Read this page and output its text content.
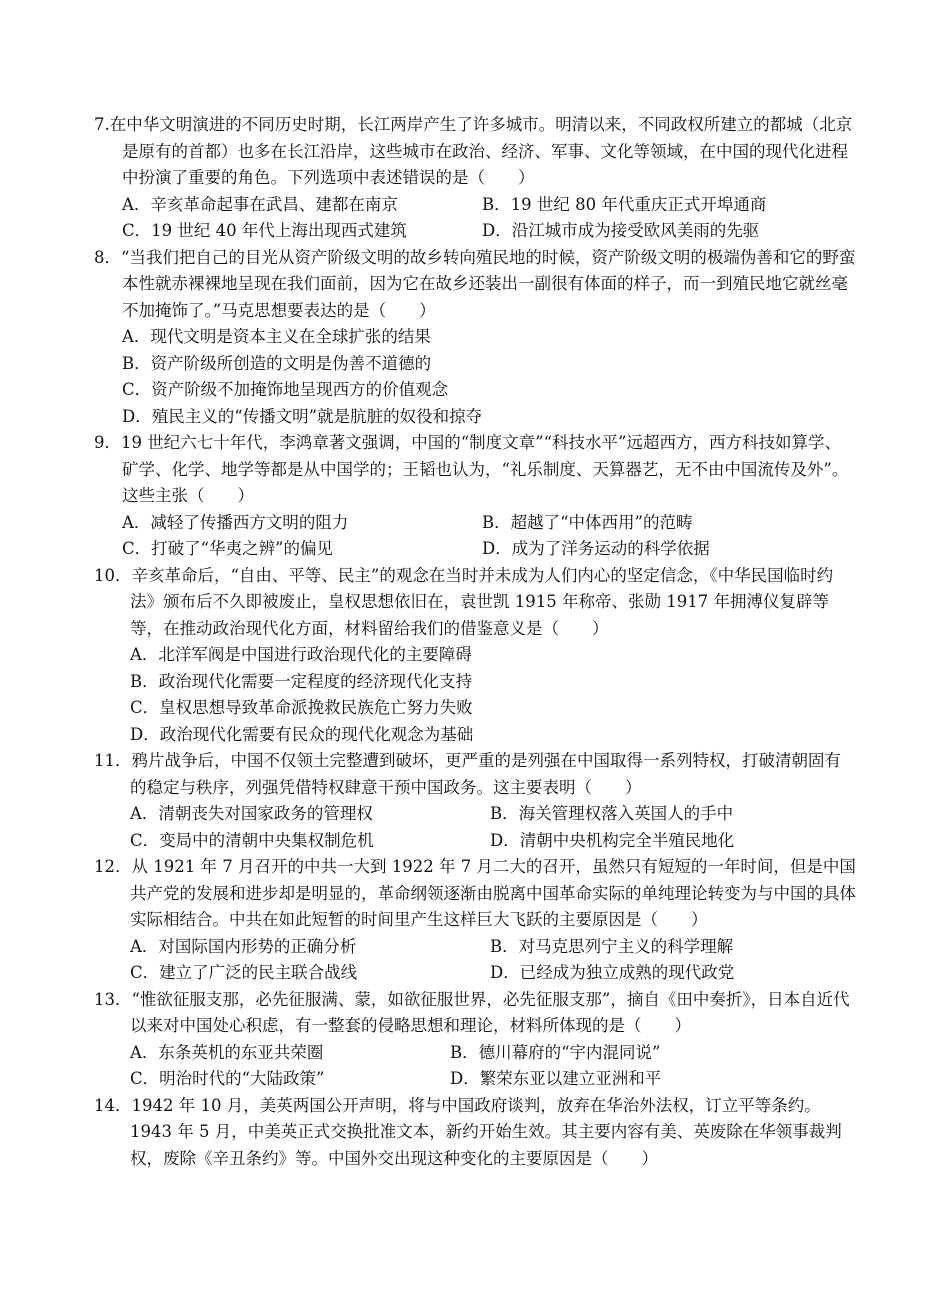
7.在中华文明演进的不同历史时期，长江两岸产生了许多城市。明清以来，不同政权所建立的都城（北京是原有的首都）也多在长江沿岸，这些城市在政治、经济、军事、文化等领域，在中国的现代化进程中扮演了重要的角色。下列选项中表述错误的是（　　）

A．辛亥革命起事在武昌、建都在南京	B．19 世纪 80 年代重庆正式开埠通商
C．19 世纪 40 年代上海出现西式建筑	D．沿江城市成为接受欧风美雨的先驱

8．“当我们把自己的目光从资产阶级文明的故乡转向殖民地的时候，资产阶级文明的极端伪善和它的野蛮本性就赤裸裸地呈现在我们面前，因为它在故乡还装出一副很有体面的样子，而一到殖民地它就丝毫不加掩饰了。”马克思想要表达的是（　　）

A．现代文明是资本主义在全球扩张的结果

B．资产阶级所创造的文明是伪善不道德的

C．资产阶级不加掩饰地呈现西方的价值观念

D．殖民主义的“传播文明”就是肮脏的奴役和掠夺

9．19 世纪六七十年代，李鸿章著文强调，中国的“制度文章”“科技水平”远超西方，西方科技如算学、矿学、化学、地学等都是从中国学的；王韬也认为，“礼乐制度、天算器艺，无不由中国流传及外”。这些主张（　　）

A．减轻了传播西方文明的阻力	B．超越了“中体西用”的范畴
C．打破了“华夷之辨”的偏见	D．成为了洋务运动的科学依据

10．辛亥革命后，“自由、平等、民主”的观念在当时并未成为人们内心的坚定信念，《中华民国临时约法》颁布后不久即被废止，皇权思想依旧在，袁世凯 1915 年称帝、张勋 1917 年拥溥仪复辟等等，在推动政治现代化方面，材料留给我们的借鉴意义是（　　）

A．北洋军阀是中国进行政治现代化的主要障碍

B．政治现代化需要一定程度的经济现代化支持

C．皇权思想导致革命派挽救民族危亡努力失败

D．政治现代化需要有民众的现代化观念为基础

11．鸦片战争后，中国不仅领土完整遭到破坏，更严重的是列强在中国取得一系列特权，打破清朝固有的稳定与秩序，列强凭借特权肆意干预中国政务。这主要表明（　　）

A．清朝丧失对国家政务的管理权	B．海关管理权落入英国人的手中
C．变局中的清朝中央集权制危机	D．清朝中央机构完全半殖民地化

12．从 1921 年 7 月召开的中共一大到 1922 年 7 月二大的召开，虽然只有短短的一年时间，但是中国共产党的发展和进步却是明显的，革命纲领逐渐由脱离中国革命实际的单纯理论转变为与中国的具体实际相结合。中共在如此短暂的时间里产生这样巨大飞跃的主要原因是（　　）

A．对国际国内形势的正确分析	B．对马克思列宁主义的科学理解
C．建立了广泛的民主联合战线	D．已经成为独立成熟的现代政党

13．“惟欲征服支那，必先征服满、蒙，如欲征服世界，必先征服支那”，摘自《田中奏折》，日本自近代以来对中国处心积虑，有一整套的侵略思想和理论，材料所体现的是（　　）

A．东条英机的东亚共荣圈	B．德川幕府的“宇内混同说”
C．明治时代的“大陆政策”	D．繁荣东亚以建立亚洲和平

14．1942 年 10 月，美英两国公开声明，将与中国政府谈判，放弃在华治外法权，订立平等条约。1943 年 5 月，中美英正式交换批准文本，新约开始生效。其主要内容有美、英废除在华领事裁判权，废除《辛丑条约》等。中国外交出现这种变化的主要原因是（　　）
